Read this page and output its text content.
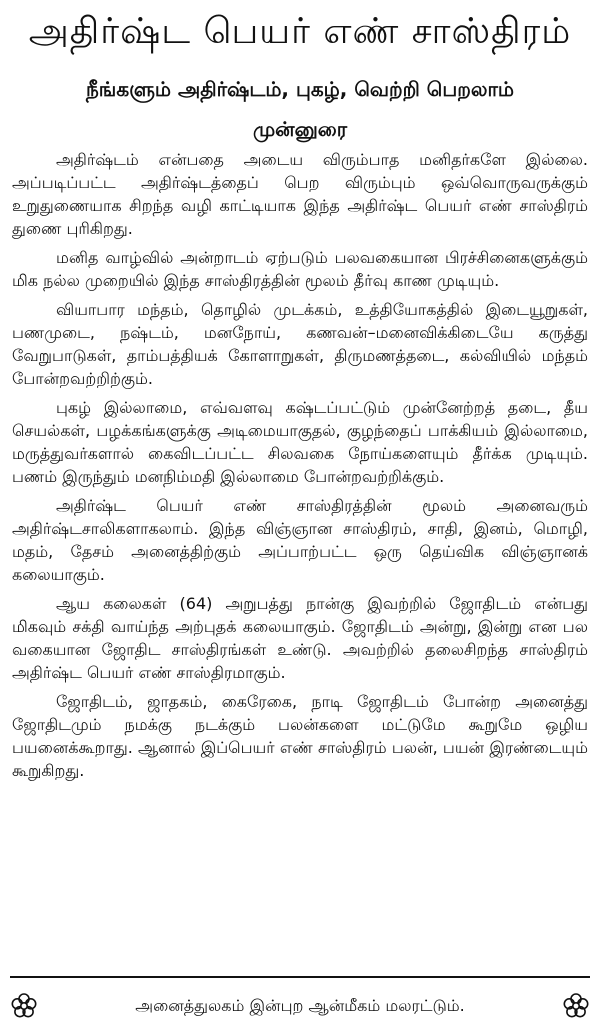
அதிர்ஷ்ட பெயர் எண் சாஸ்திரம்
நீங்களும் அதிர்ஷ்டம், புகழ், வெற்றி பெறலாம்
முன்னுரை

அதிர்ஷ்டம் என்பதை அடைய விரும்பாத மனிதர்களே இல்லை. அப்படிப்பட்ட அதிர்ஷ்டத்தைப் பெற விரும்பும் ஒவ்வொருவருக்கும் உறுதுணையாக சிறந்த வழி காட்டியாக இந்த அதிர்ஷ்ட பெயர் எண் சாஸ்திரம் துணை புரிகிறது.

மனித வாழ்வில் அன்றாடம் ஏற்படும் பலவகையான பிரச்சினைகளுக்கும் மிக நல்ல முறையில் இந்த சாஸ்திரத்தின் மூலம் தீர்வு காண முடியும்.

வியாபார மந்தம், தொழில் முடக்கம், உத்தியோகத்தில் இடையூறுகள், பணமுடை, நஷ்டம், மனநோய், கணவன்–மனைவிக்கிடையே கருத்து வேறுபாடுகள், தாம்பத்தியக் கோளாறுகள், திருமணத்தடை, கல்வியில் மந்தம் போன்றவற்றிற்கும்.

புகழ் இல்லாமை, எவ்வளவு கஷ்டப்பட்டும் முன்னேற்றத் தடை, தீய செயல்கள், பழக்கங்களுக்கு அடிமையாகுதல், குழந்தைப் பாக்கியம் இல்லாமை, மருத்துவர்களால் கைவிடப்பட்ட சிலவகை நோய்களையும் தீர்க்க முடியும். பணம் இருந்தும் மனநிம்மதி இல்லாமை போன்றவற்றிக்கும்.

அதிர்ஷ்ட பெயர் எண் சாஸ்திரத்தின் மூலம் அனைவரும் அதிர்ஷ்டசாலிகளாகலாம். இந்த விஞ்ஞான சாஸ்திரம், சாதி, இனம், மொழி, மதம், தேசம் அனைத்திற்கும் அப்பாற்பட்ட ஒரு தெய்விக விஞ்ஞானக் கலையாகும்.

ஆய கலைகள் (64) அறுபத்து நான்கு இவற்றில் ஜோதிடம் என்பது மிகவும் சக்தி வாய்ந்த அற்புதக் கலையாகும். ஜோதிடம் அன்று, இன்று என பல வகையான ஜோதிட சாஸ்திரங்கள் உண்டு. அவற்றில் தலைசிறந்த சாஸ்திரம் அதிர்ஷ்ட பெயர் எண் சாஸ்திரமாகும்.

ஜோதிடம், ஜாதகம், கைரேகை, நாடி ஜோதிடம் போன்ற அனைத்து ஜோதிடமும் நமக்கு நடக்கும் பலன்களை மட்டுமே கூறுமே ஒழிய பயனைக்கூறாது. ஆனால் இப்பெயர் எண் சாஸ்திரம் பலன், பயன் இரண்டையும் கூறுகிறது.

அனைத்துலகம் இன்புற ஆன்மீகம் மலரட்டும்.
